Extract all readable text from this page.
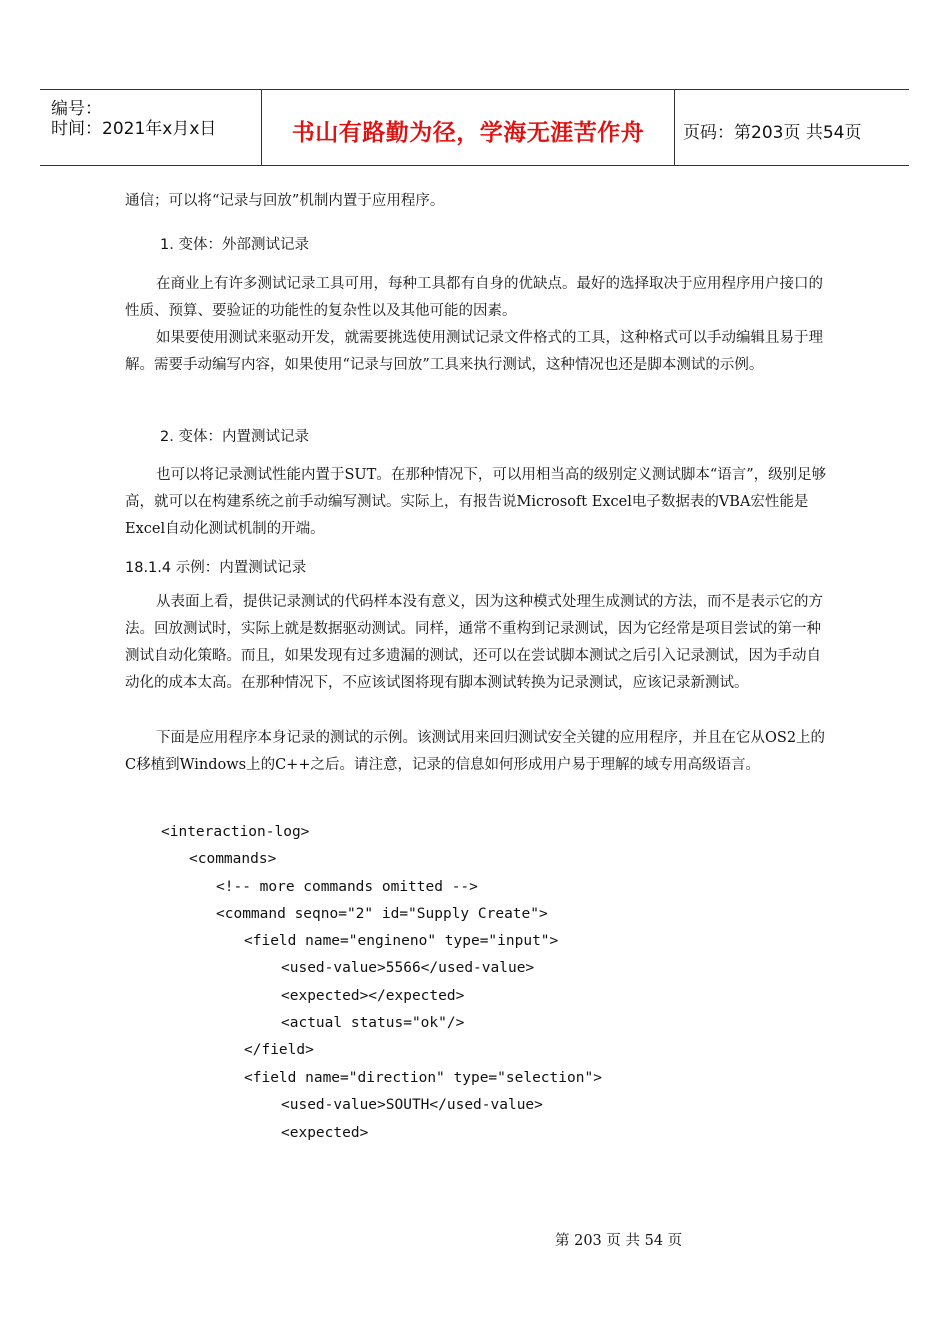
编号：
时间：2021年x月x日	书山有路勤为径，学海无涯苦作舟	页码：第203页 共54页

通信；可以将“记录与回放”机制内置于应用程序。

1. 变体：外部测试记录

在商业上有许多测试记录工具可用，每种工具都有自身的优缺点。最好的选择取决于应用程序用户接口的性质、预算、要验证的功能性的复杂性以及其他可能的因素。

如果要使用测试来驱动开发，就需要挑选使用测试记录文件格式的工具，这种格式可以手动编辑且易于理解。需要手动编写内容，如果使用“记录与回放”工具来执行测试，这种情况也还是脚本测试的示例。

2. 变体：内置测试记录

也可以将记录测试性能内置于SUT。在那种情况下，可以用相当高的级别定义测试脚本“语言”，级别足够高，就可以在构建系统之前手动编写测试。实际上，有报告说Microsoft Excel电子数据表的VBA宏性能是Excel自动化测试机制的开端。

18.1.4 示例：内置测试记录

从表面上看，提供记录测试的代码样本没有意义，因为这种模式处理生成测试的方法，而不是表示它的方法。回放测试时，实际上就是数据驱动测试。同样，通常不重构到记录测试，因为它经常是项目尝试的第一种测试自动化策略。而且，如果发现有过多遗漏的测试，还可以在尝试脚本测试之后引入记录测试，因为手动自动化的成本太高。在那种情况下，不应该试图将现有脚本测试转换为记录测试，应该记录新测试。

下面是应用程序本身记录的测试的示例。该测试用来回归测试安全关键的应用程序，并且在它从OS2上的C移植到Windows上的C++之后。请注意，记录的信息如何形成用户易于理解的域专用高级语言。

<interaction-log>
<commands>
<!-- more commands omitted -->
<command seqno="2" id="Supply Create">
<field name="engineno" type="input">
<used-value>5566</used-value>
<expected></expected>
<actual status="ok"/>
</field>
<field name="direction" type="selection">
<used-value>SOUTH</used-value>
<expected>
第 203 页 共 54 页
